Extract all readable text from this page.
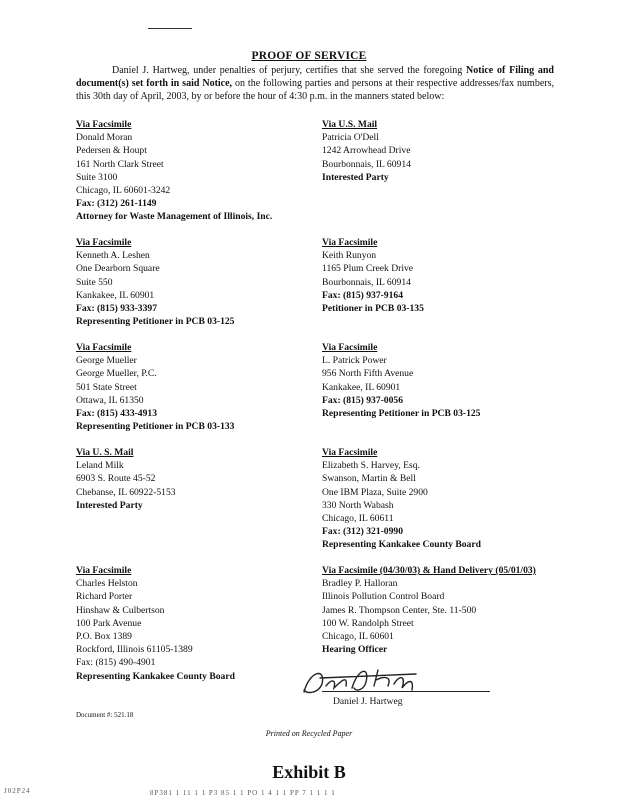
PROOF OF SERVICE
Daniel J. Hartweg, under penalties of perjury, certifies that she served the foregoing Notice of Filing and document(s) set forth in said Notice, on the following parties and persons at their respective addresses/fax numbers, this 30th day of April, 2003, by or before the hour of 4:30 p.m. in the manners stated below:
Via Facsimile
Donald Moran
Pedersen & Houpt
161 North Clark Street
Suite 3100
Chicago, IL 60601-3242
Fax: (312) 261-1149
Attorney for Waste Management of Illinois, Inc.
Via U.S. Mail
Patricia O'Dell
1242 Arrowhead Drive
Bourbonnais, IL 60914
Interested Party
Via Facsimile
Kenneth A. Leshen
One Dearborn Square
Suite 550
Kankakee, IL 60901
Fax: (815) 933-3397
Representing Petitioner in PCB 03-125
Via Facsimile
Keith Runyon
1165 Plum Creek Drive
Bourbonnais, IL 60914
Fax: (815) 937-9164
Petitioner in PCB 03-135
Via Facsimile
George Mueller
George Mueller, P.C.
501 State Street
Ottawa, IL 61350
Fax: (815) 433-4913
Representing Petitioner in PCB 03-133
Via Facsimile
L. Patrick Power
956 North Fifth Avenue
Kankakee, IL 60901
Fax: (815) 937-0056
Representing Petitioner in PCB 03-125
Via U. S. Mail
Leland Milk
6903 S. Route 45-52
Chebanse, IL 60922-5153
Interested Party
Via Facsimile
Elizabeth S. Harvey, Esq.
Swanson, Martin & Bell
One IBM Plaza, Suite 2900
330 North Wabash
Chicago, IL 60611
Fax: (312) 321-0990
Representing Kankakee County Board
Via Facsimile
Charles Helston
Richard Porter
Hinshaw & Culbertson
100 Park Avenue
P.O. Box 1389
Rockford, Illinois 61105-1389
Fax: (815) 490-4901
Representing Kankakee County Board
Via Facsimile (04/30/03) & Hand Delivery (05/01/03)
Bradley P. Halloran
Illinois Pollution Control Board
James R. Thompson Center, Ste. 11-500
100 W. Randolph Street
Chicago, IL 60601
Hearing Officer
Daniel J. Hartweg
Document #: 521.18
Printed on Recycled Paper
Exhibit B
J02P24	8P381 1 11 1 1 P3 85 1 1 PO 1 4 1 1 PP 7 1 1 1 1
